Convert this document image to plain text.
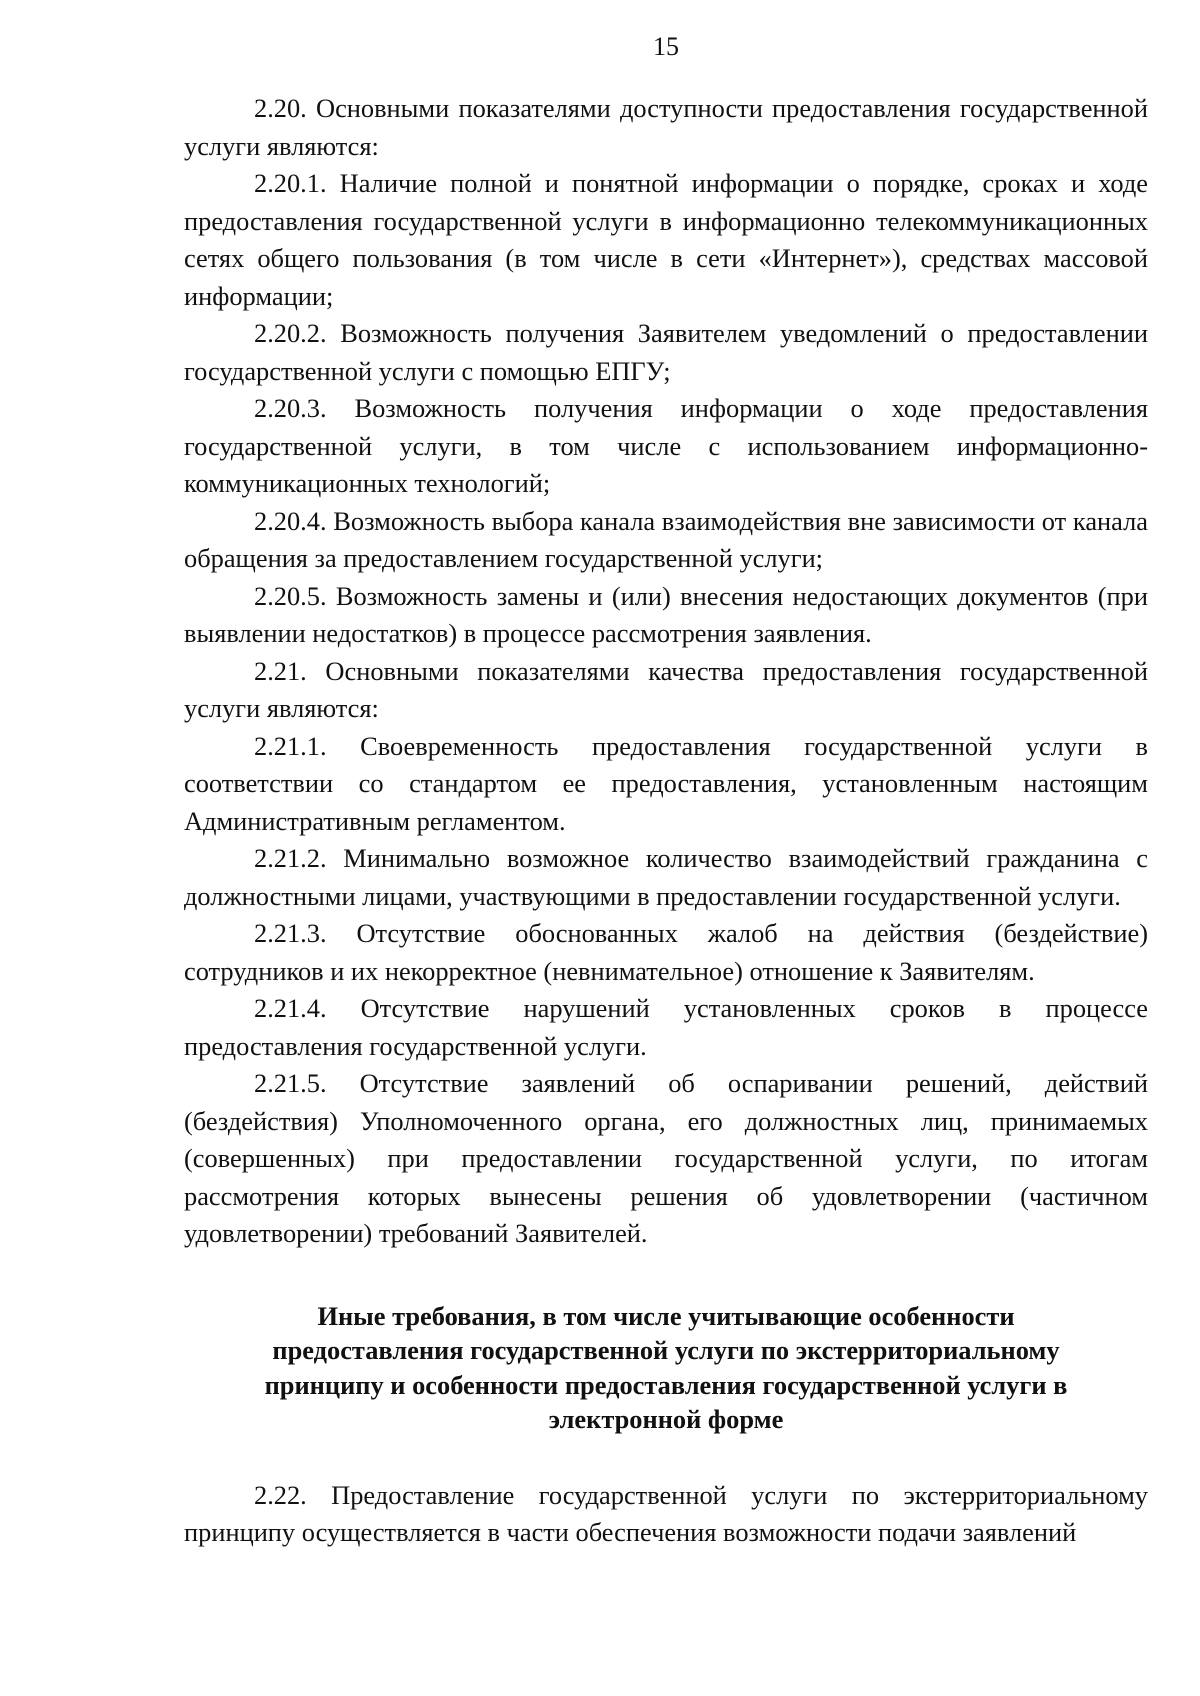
15

2.20. Основными показателями доступности предоставления государственной услуги являются:

2.20.1. Наличие полной и понятной информации о порядке, сроках и ходе предоставления государственной услуги в информационно телекоммуникационных сетях общего пользования (в том числе в сети «Интернет»), средствах массовой информации;

2.20.2. Возможность получения Заявителем уведомлений о предоставлении государственной услуги с помощью ЕПГУ;

2.20.3. Возможность получения информации о ходе предоставления государственной услуги, в том числе с использованием информационно-коммуникационных технологий;

2.20.4. Возможность выбора канала взаимодействия вне зависимости от канала обращения за предоставлением государственной услуги;

2.20.5. Возможность замены и (или) внесения недостающих документов (при выявлении недостатков) в процессе рассмотрения заявления.

2.21. Основными показателями качества предоставления государственной услуги являются:

2.21.1. Своевременность предоставления государственной услуги в соответствии со стандартом ее предоставления, установленным настоящим Административным регламентом.

2.21.2. Минимально возможное количество взаимодействий гражданина с должностными лицами, участвующими в предоставлении государственной услуги.

2.21.3. Отсутствие обоснованных жалоб на действия (бездействие) сотрудников и их некорректное (невнимательное) отношение к Заявителям.

2.21.4. Отсутствие нарушений установленных сроков в процессе предоставления государственной услуги.

2.21.5. Отсутствие заявлений об оспаривании решений, действий (бездействия) Уполномоченного органа, его должностных лиц, принимаемых (совершенных) при предоставлении государственной услуги, по итогам рассмотрения которых вынесены решения об удовлетворении (частичном удовлетворении) требований Заявителей.

Иные требования, в том числе учитывающие особенности предоставления государственной услуги по экстерриториальному принципу и особенности предоставления государственной услуги в электронной форме

2.22. Предоставление государственной услуги по экстерриториальному принципу осуществляется в части обеспечения возможности подачи заявлений
